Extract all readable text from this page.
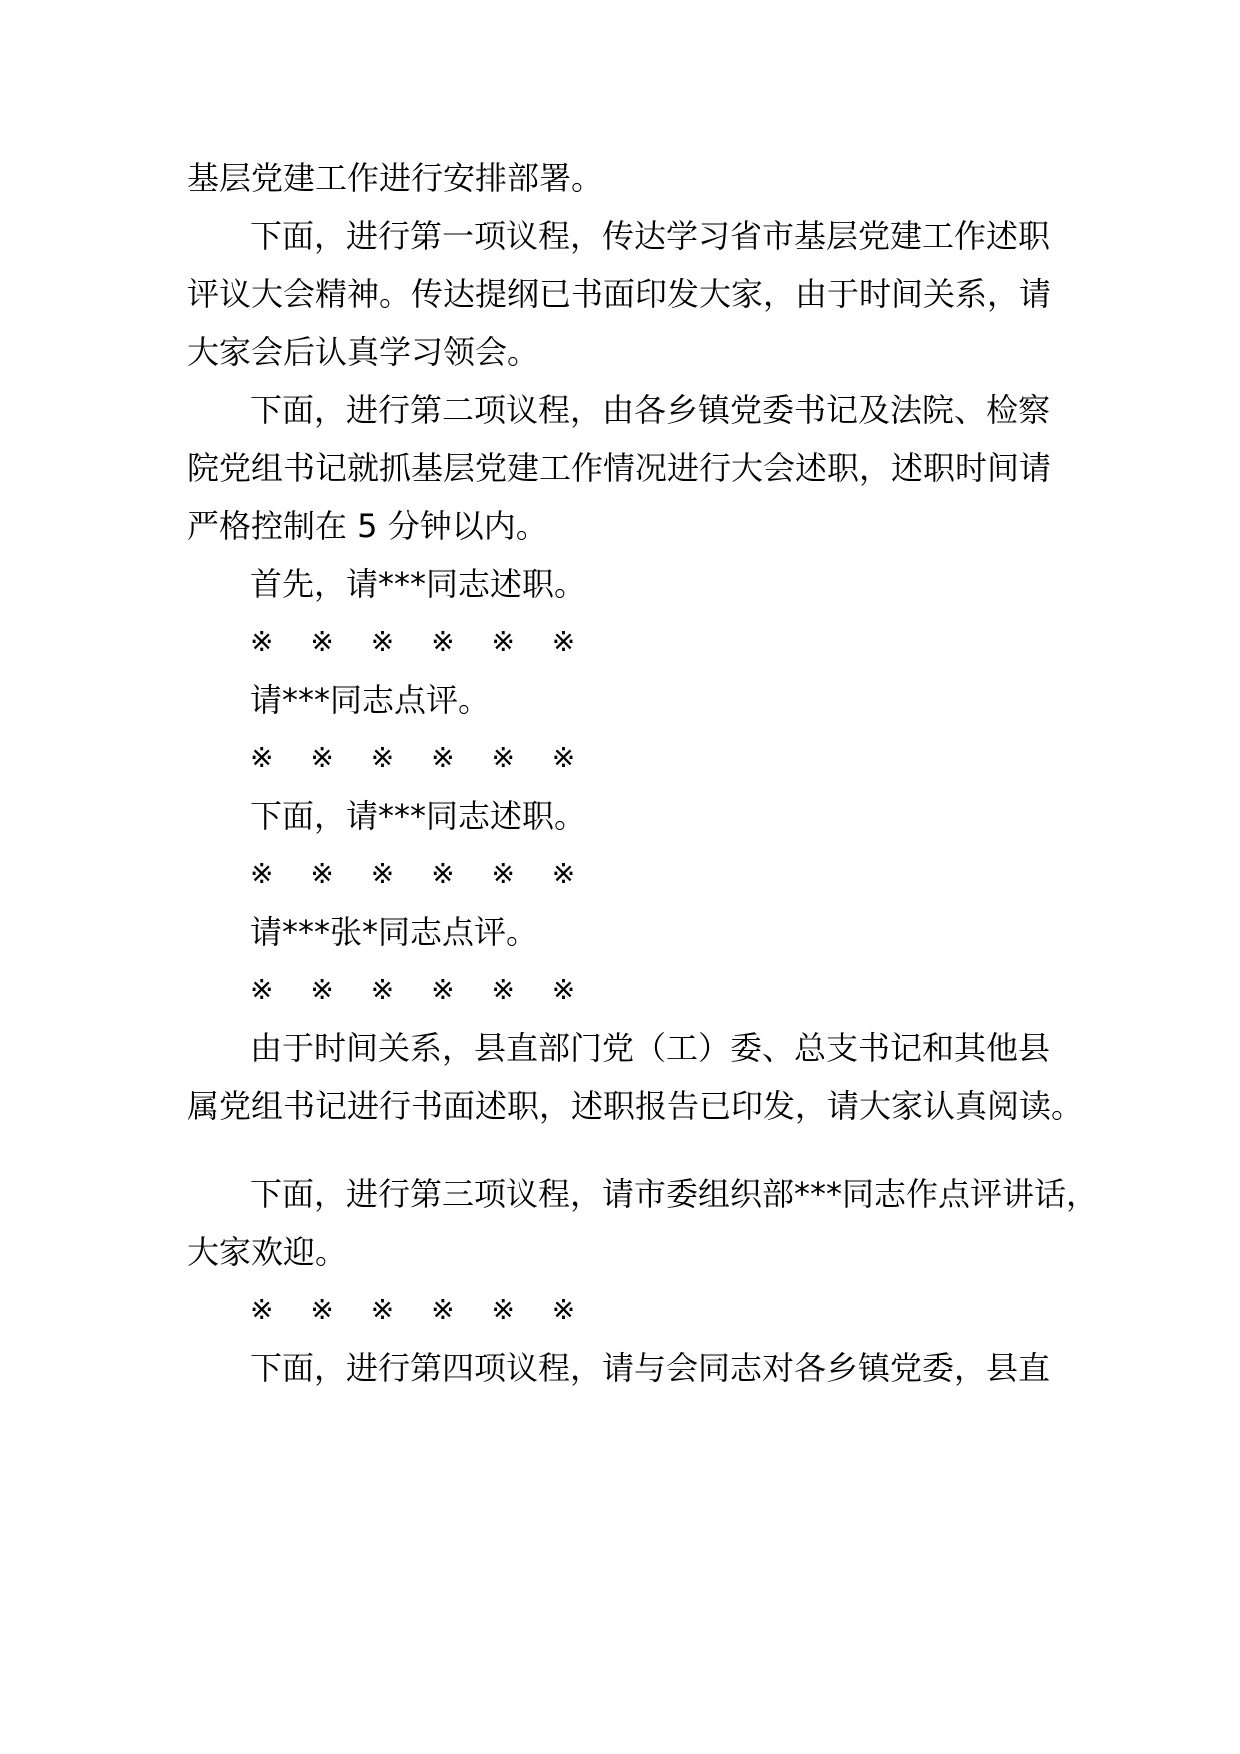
基层党建工作进行安排部署。
下面，进行第一项议程，传达学习省市基层党建工作述职
评议大会精神。传达提纲已书面印发大家，由于时间关系，请
大家会后认真学习领会。
下面，进行第二项议程，由各乡镇党委书记及法院、检察
院党组书记就抓基层党建工作情况进行大会述职，述职时间请
严格控制在 5 分钟以内。
首先，请***同志述职。
※ ※ ※ ※ ※ ※
请***同志点评。
※ ※ ※ ※ ※ ※
下面，请***同志述职。
※ ※ ※ ※ ※ ※
请***张*同志点评。
※ ※ ※ ※ ※ ※
由于时间关系，县直部门党（工）委、总支书记和其他县
属党组书记进行书面述职，述职报告已印发，请大家认真阅读。
下面，进行第三项议程，请市委组织部***同志作点评讲话，
大家欢迎。
※ ※ ※ ※ ※ ※
下面，进行第四项议程，请与会同志对各乡镇党委，县直
